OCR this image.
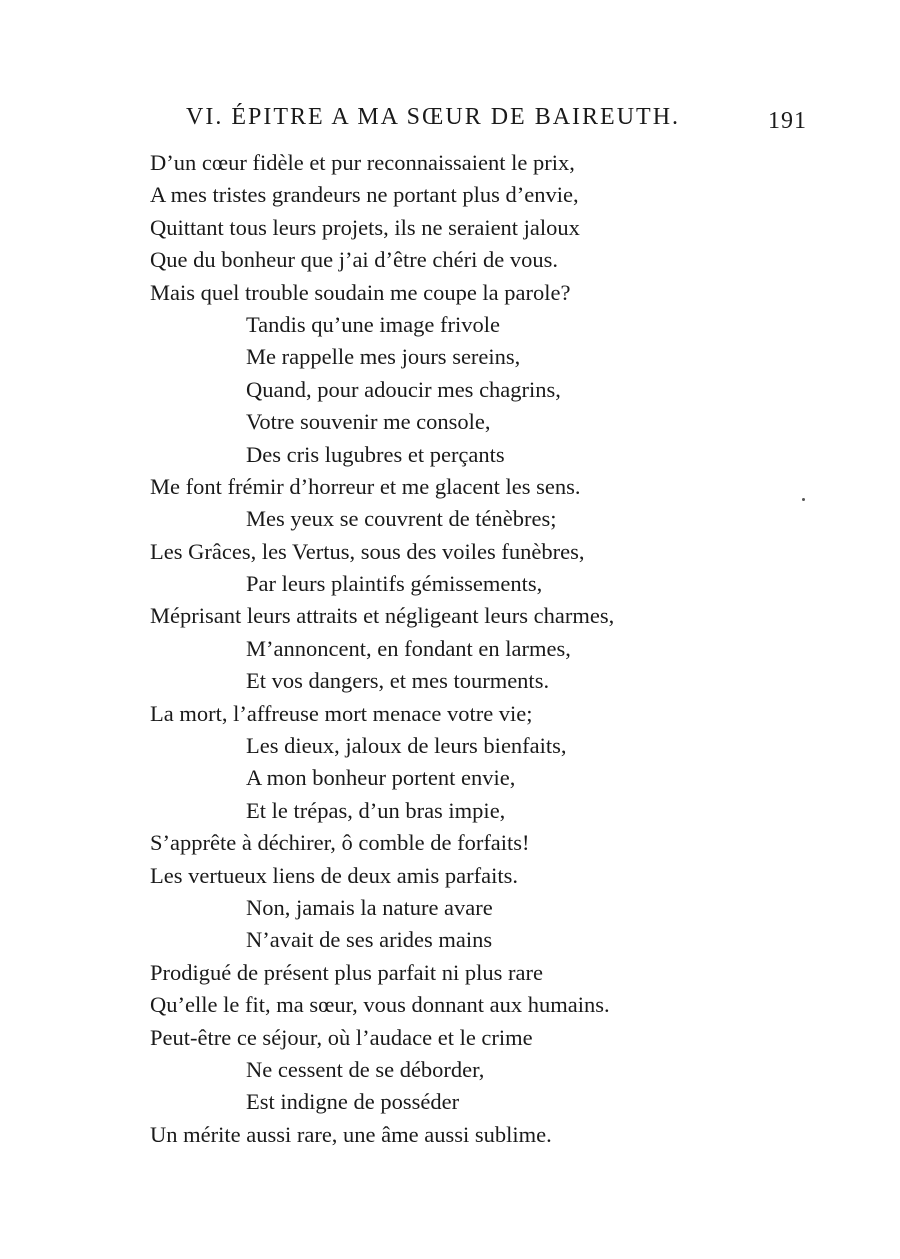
VI. ÉPITRE A MA SŒUR DE BAIREUTH.	191
D’un cœur fidèle et pur reconnaissaient le prix,
A mes tristes grandeurs ne portant plus d’envie,
Quittant tous leurs projets, ils ne seraient jaloux
Que du bonheur que j’ai d’être chéri de vous.
Mais quel trouble soudain me coupe la parole?
Tandis qu’une image frivole
Me rappelle mes jours sereins,
Quand, pour adoucir mes chagrins,
Votre souvenir me console,
Des cris lugubres et perçants
Me font frémir d’horreur et me glacent les sens.
Mes yeux se couvrent de ténèbres;
Les Grâces, les Vertus, sous des voiles funèbres,
Par leurs plaintifs gémissements,
Méprisant leurs attraits et négligeant leurs charmes,
M’annoncent, en fondant en larmes,
Et vos dangers, et mes tourments.
La mort, l’affreuse mort menace votre vie;
Les dieux, jaloux de leurs bienfaits,
A mon bonheur portent envie,
Et le trépas, d’un bras impie,
S’apprête à déchirer, ô comble de forfaits!
Les vertueux liens de deux amis parfaits.
Non, jamais la nature avare
N’avait de ses arides mains
Prodigué de présent plus parfait ni plus rare
Qu’elle le fit, ma sœur, vous donnant aux humains.
Peut-être ce séjour, où l’audace et le crime
Ne cessent de se déborder,
Est indigne de posséder
Un mérite aussi rare, une âme aussi sublime.
